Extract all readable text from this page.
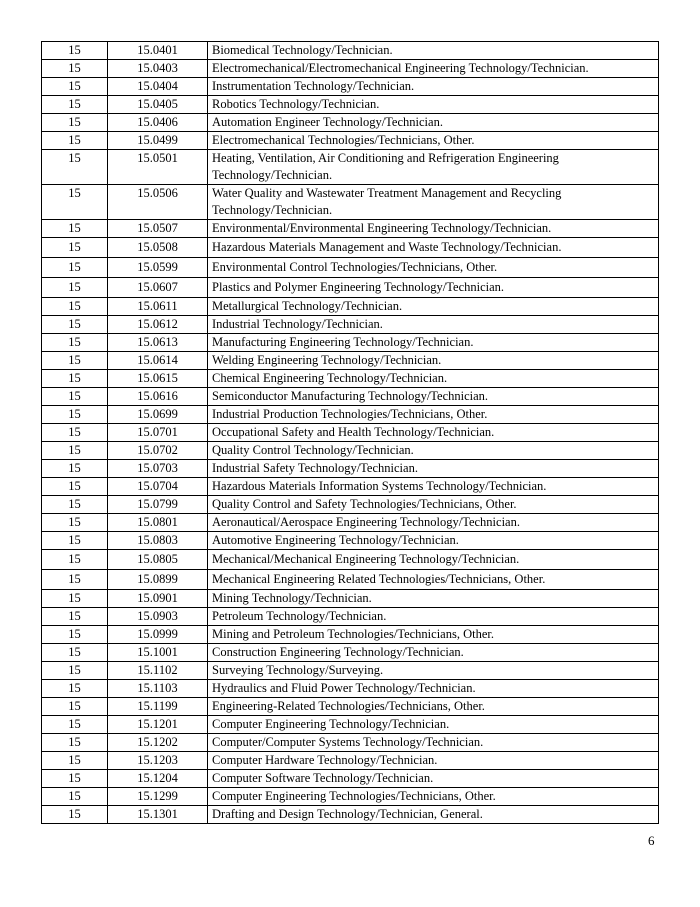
15	15.0401	Biomedical Technology/Technician.
15	15.0403	Electromechanical/Electromechanical Engineering Technology/Technician.
15	15.0404	Instrumentation Technology/Technician.
15	15.0405	Robotics Technology/Technician.
15	15.0406	Automation Engineer Technology/Technician.
15	15.0499	Electromechanical Technologies/Technicians, Other.
15	15.0501	Heating, Ventilation, Air Conditioning and Refrigeration Engineering Technology/Technician.
15	15.0506	Water Quality and Wastewater Treatment Management and Recycling Technology/Technician.
15	15.0507	Environmental/Environmental Engineering Technology/Technician.
15	15.0508	Hazardous Materials Management and Waste Technology/Technician.
15	15.0599	Environmental Control Technologies/Technicians, Other.
15	15.0607	Plastics and Polymer Engineering Technology/Technician.
15	15.0611	Metallurgical Technology/Technician.
15	15.0612	Industrial Technology/Technician.
15	15.0613	Manufacturing Engineering Technology/Technician.
15	15.0614	Welding Engineering Technology/Technician.
15	15.0615	Chemical Engineering Technology/Technician.
15	15.0616	Semiconductor Manufacturing Technology/Technician.
15	15.0699	Industrial Production Technologies/Technicians, Other.
15	15.0701	Occupational Safety and Health Technology/Technician.
15	15.0702	Quality Control Technology/Technician.
15	15.0703	Industrial Safety Technology/Technician.
15	15.0704	Hazardous Materials Information Systems Technology/Technician.
15	15.0799	Quality Control and Safety Technologies/Technicians, Other.
15	15.0801	Aeronautical/Aerospace Engineering Technology/Technician.
15	15.0803	Automotive Engineering Technology/Technician.
15	15.0805	Mechanical/Mechanical Engineering Technology/Technician.
15	15.0899	Mechanical Engineering Related Technologies/Technicians, Other.
15	15.0901	Mining Technology/Technician.
15	15.0903	Petroleum Technology/Technician.
15	15.0999	Mining and Petroleum Technologies/Technicians, Other.
15	15.1001	Construction Engineering Technology/Technician.
15	15.1102	Surveying Technology/Surveying.
15	15.1103	Hydraulics and Fluid Power Technology/Technician.
15	15.1199	Engineering-Related Technologies/Technicians, Other.
15	15.1201	Computer Engineering Technology/Technician.
15	15.1202	Computer/Computer Systems Technology/Technician.
15	15.1203	Computer Hardware Technology/Technician.
15	15.1204	Computer Software Technology/Technician.
15	15.1299	Computer Engineering Technologies/Technicians, Other.
15	15.1301	Drafting and Design Technology/Technician, General.
6
